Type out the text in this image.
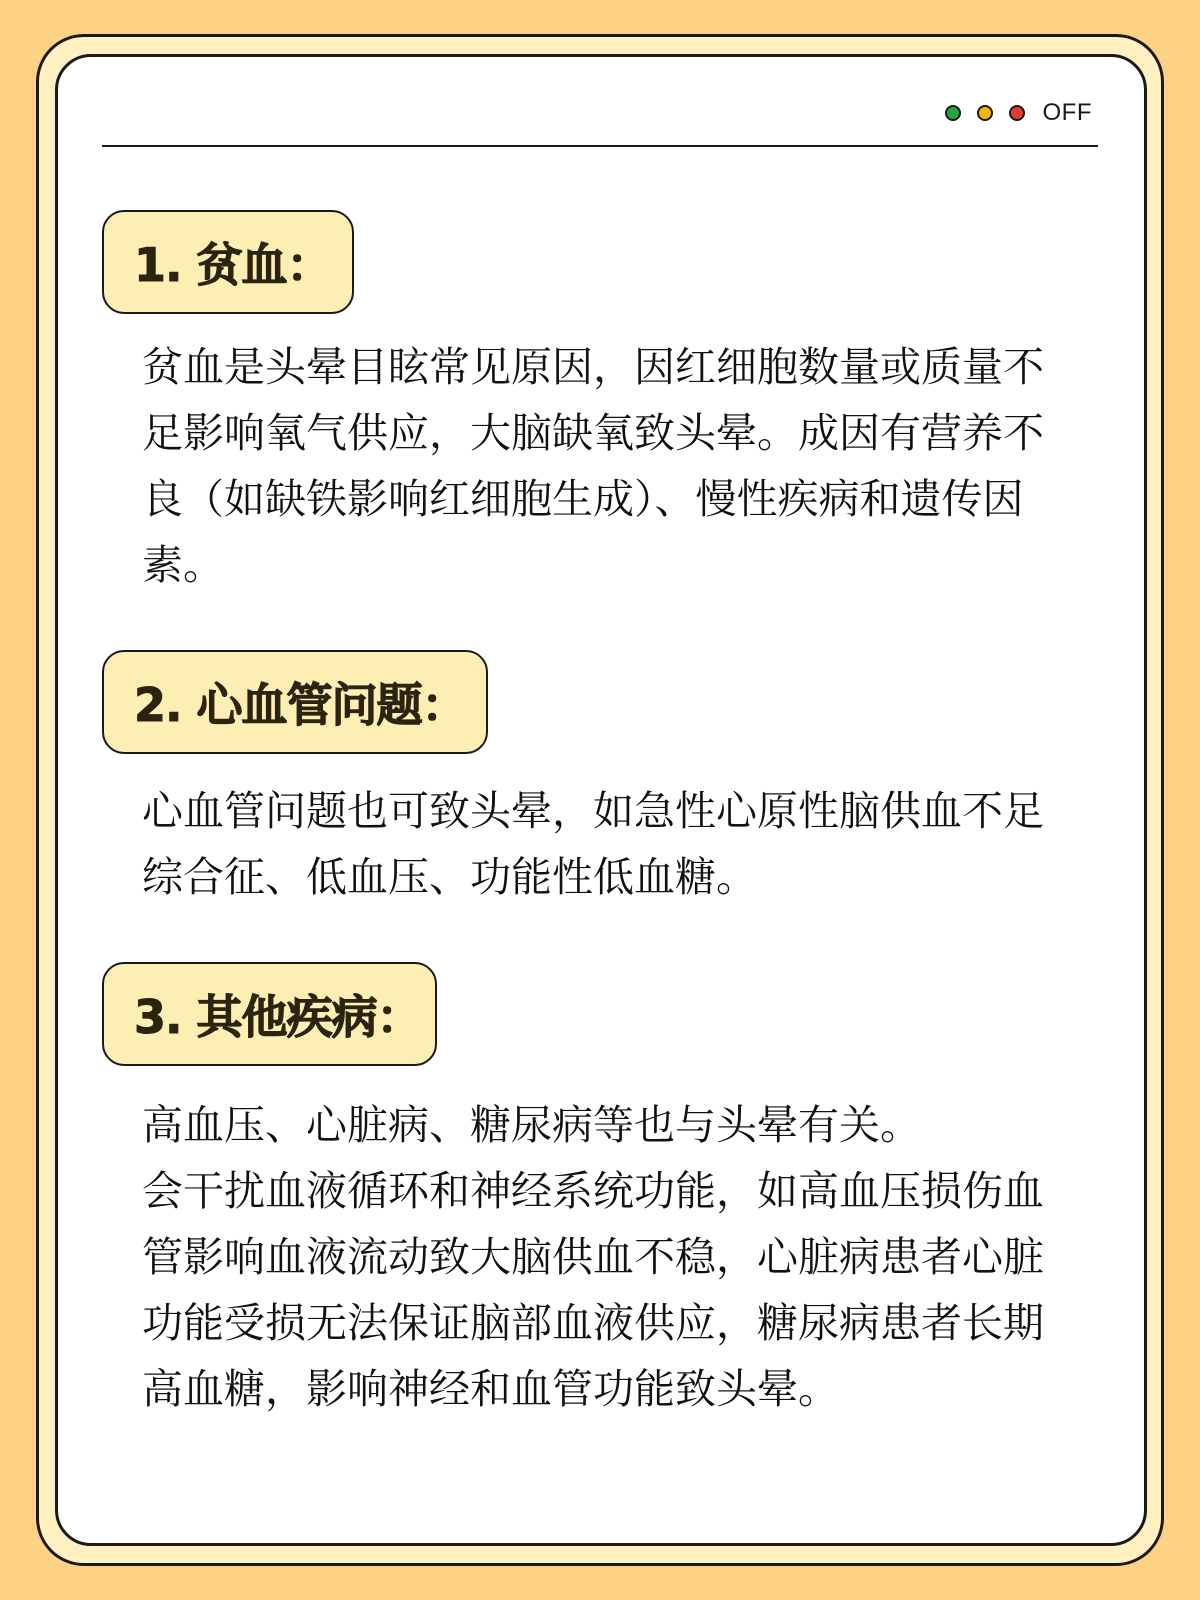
OFF
1. 贫血：

贫血是头晕目眩常见原因，因红细胞数量或质量不足影响氧气供应，大脑缺氧致头晕。成因有营养不良（如缺铁影响红细胞生成）、慢性疾病和遗传因素。

2. 心血管问题：

心血管问题也可致头晕，如急性心原性脑供血不足综合征、低血压、功能性低血糖。

3. 其他疾病：

高血压、心脏病、糖尿病等也与头晕有关。

会干扰血液循环和神经系统功能，如高血压损伤血管影响血液流动致大脑供血不稳，心脏病患者心脏功能受损无法保证脑部血液供应，糖尿病患者长期高血糖，影响神经和血管功能致头晕。
